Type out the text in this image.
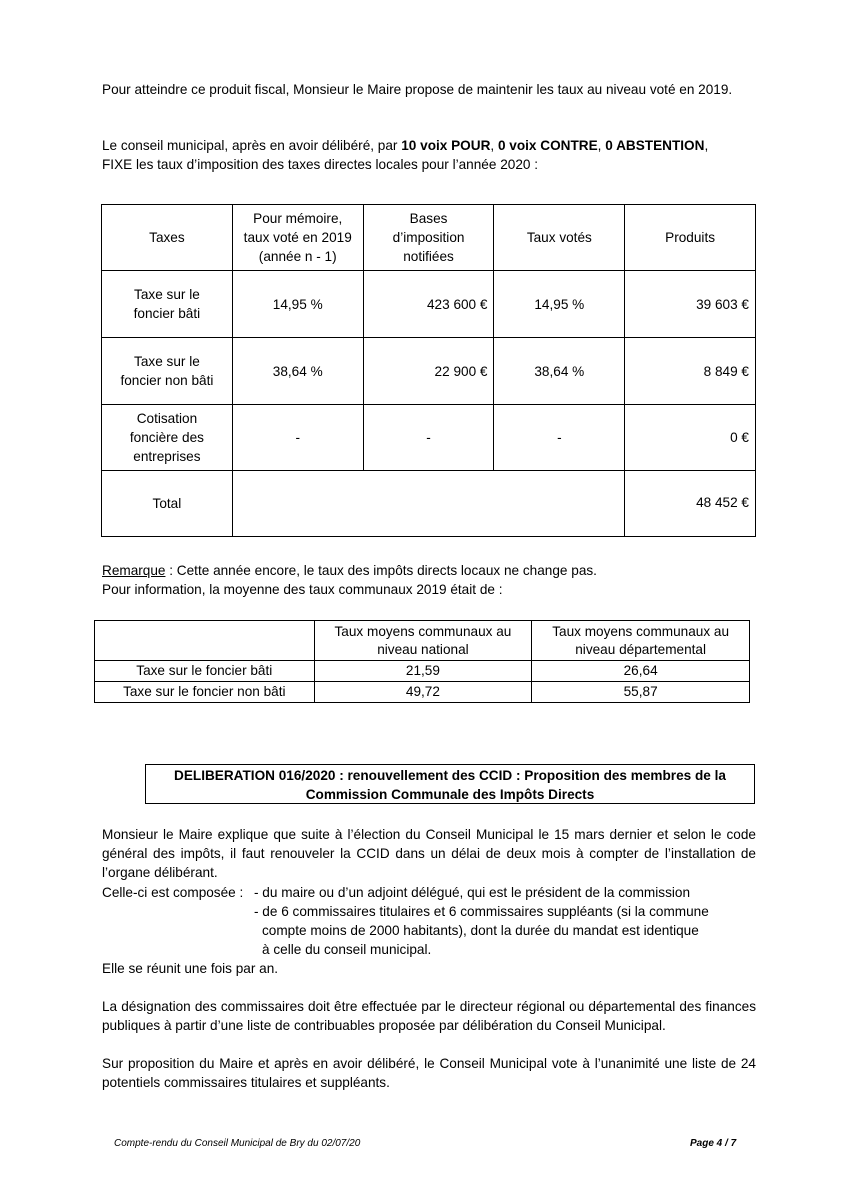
Pour atteindre ce produit fiscal, Monsieur le Maire propose de maintenir les taux au niveau voté en 2019.

Le conseil municipal, après en avoir délibéré, par 10 voix POUR, 0 voix CONTRE, 0 ABSTENTION,
FIXE les taux d’imposition des taxes directes locales pour l’année 2020 :

Taxes	Pour mémoire,
taux voté en 2019
(année n - 1)	Bases
d’imposition
notifiées	Taux votés	Produits
Taxe sur le
foncier bâti	14,95 %	423 600 €	14,95 %	39 603 €
Taxe sur le
foncier non bâti	38,64 %	22 900 €	38,64 %	8 849 €
Cotisation
foncière des
entreprises	-	-	-	0 €
Total				48 452 €

Remarque : Cette année encore, le taux des impôts directs locaux ne change pas.
Pour information, la moyenne des taux communaux 2019 était de :

	Taux moyens communaux au
niveau national	Taux moyens communaux au
niveau départemental
Taxe sur le foncier bâti	21,59	26,64
Taxe sur le foncier non bâti	49,72	55,87
DELIBERATION 016/2020 : renouvellement des CCID : Proposition des membres de la
Commission Communale des Impôts Directs

Monsieur le Maire explique que suite à l’élection du Conseil Municipal le 15 mars dernier et selon le code général des impôts, il faut renouveler la CCID dans un délai de deux mois à compter de l’installation de l’organe délibérant.

Celle-ci est composée : - du maire ou d’un adjoint délégué, qui est le président de la commission

- de 6 commissaires titulaires et 6 commissaires suppléants (si la commune

compte moins de 2000 habitants), dont la durée du mandat est identique

à celle du conseil municipal.

Elle se réunit une fois par an.

La désignation des commissaires doit être effectuée par le directeur régional ou départemental des finances publiques à partir d’une liste de contribuables proposée par délibération du Conseil Municipal.

Sur proposition du Maire et après en avoir délibéré, le Conseil Municipal vote à l’unanimité une liste de 24 potentiels commissaires titulaires et suppléants.

Compte-rendu du Conseil Municipal de Bry du 02/07/20	Page 4 / 7
